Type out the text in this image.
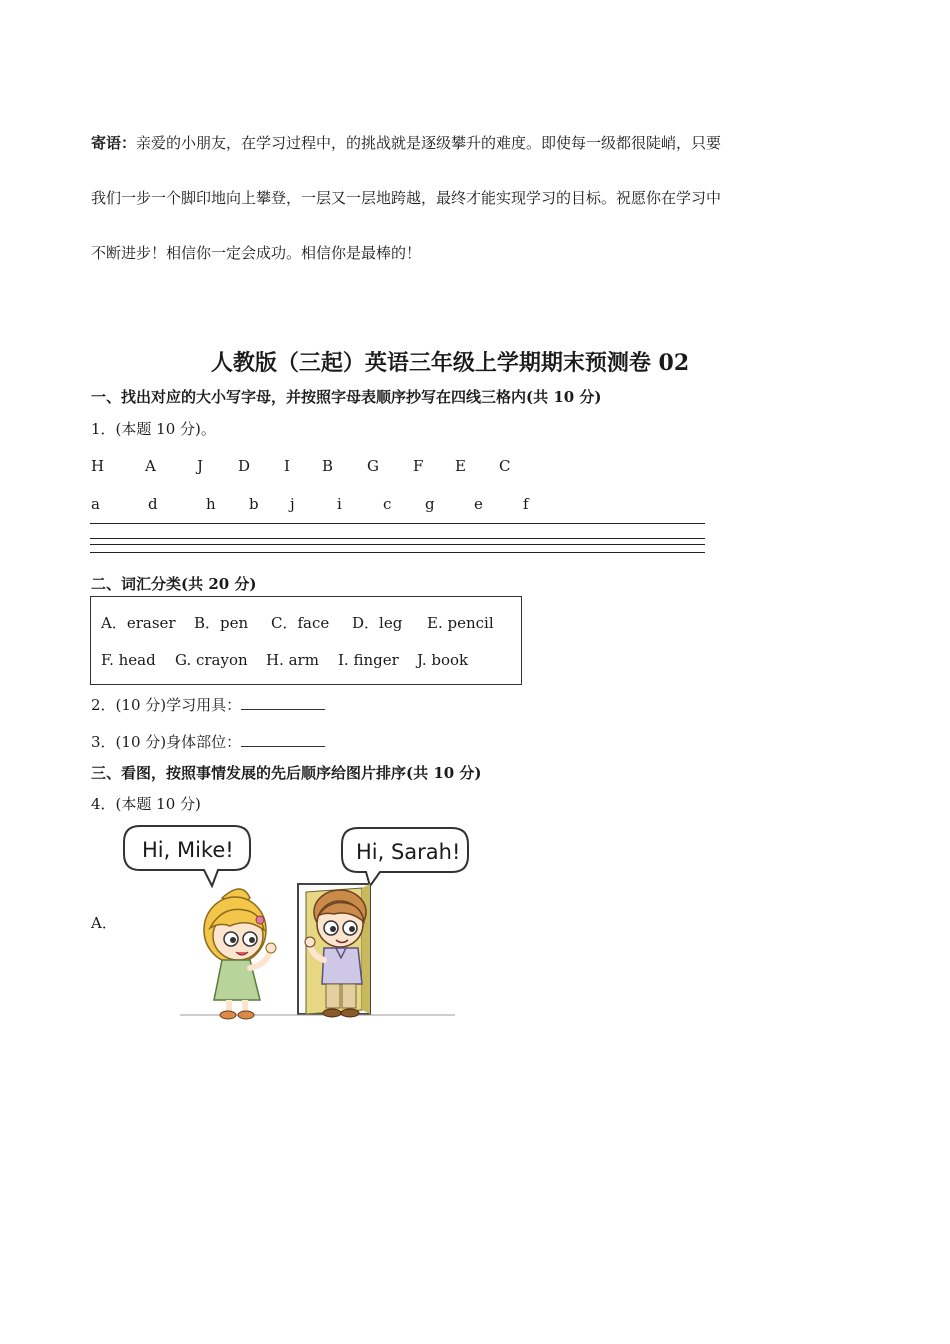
寄语：亲爱的小朋友，在学习过程中，的挑战就是逐级攀升的难度。即使每一级都很陡峭，只要
我们一步一个脚印地向上攀登，一层又一层地跨越，最终才能实现学习的目标。祝愿你在学习中
不断进步！相信你一定会成功。相信你是最棒的！
人教版（三起）英语三年级上学期期末预测卷 02
一、找出对应的大小写字母，并按照字母表顺序抄写在四线三格内(共 10 分)
1．(本题 10 分)。
H	A	J D I B G F E C
a	d	h b j	i	c g	e	f
二、词汇分类(共 20 分)
A．eraser B．pen C．face D．leg E. pencil
F. head G. crayon H. arm I. finger J. book
2．(10 分)学习用具：
3．(10 分)身体部位：
三、看图，按照事情发展的先后顺序给图片排序(共 10 分)
4．(本题 10 分)
A．
Hi, Mike!	Hi, Sarah!
